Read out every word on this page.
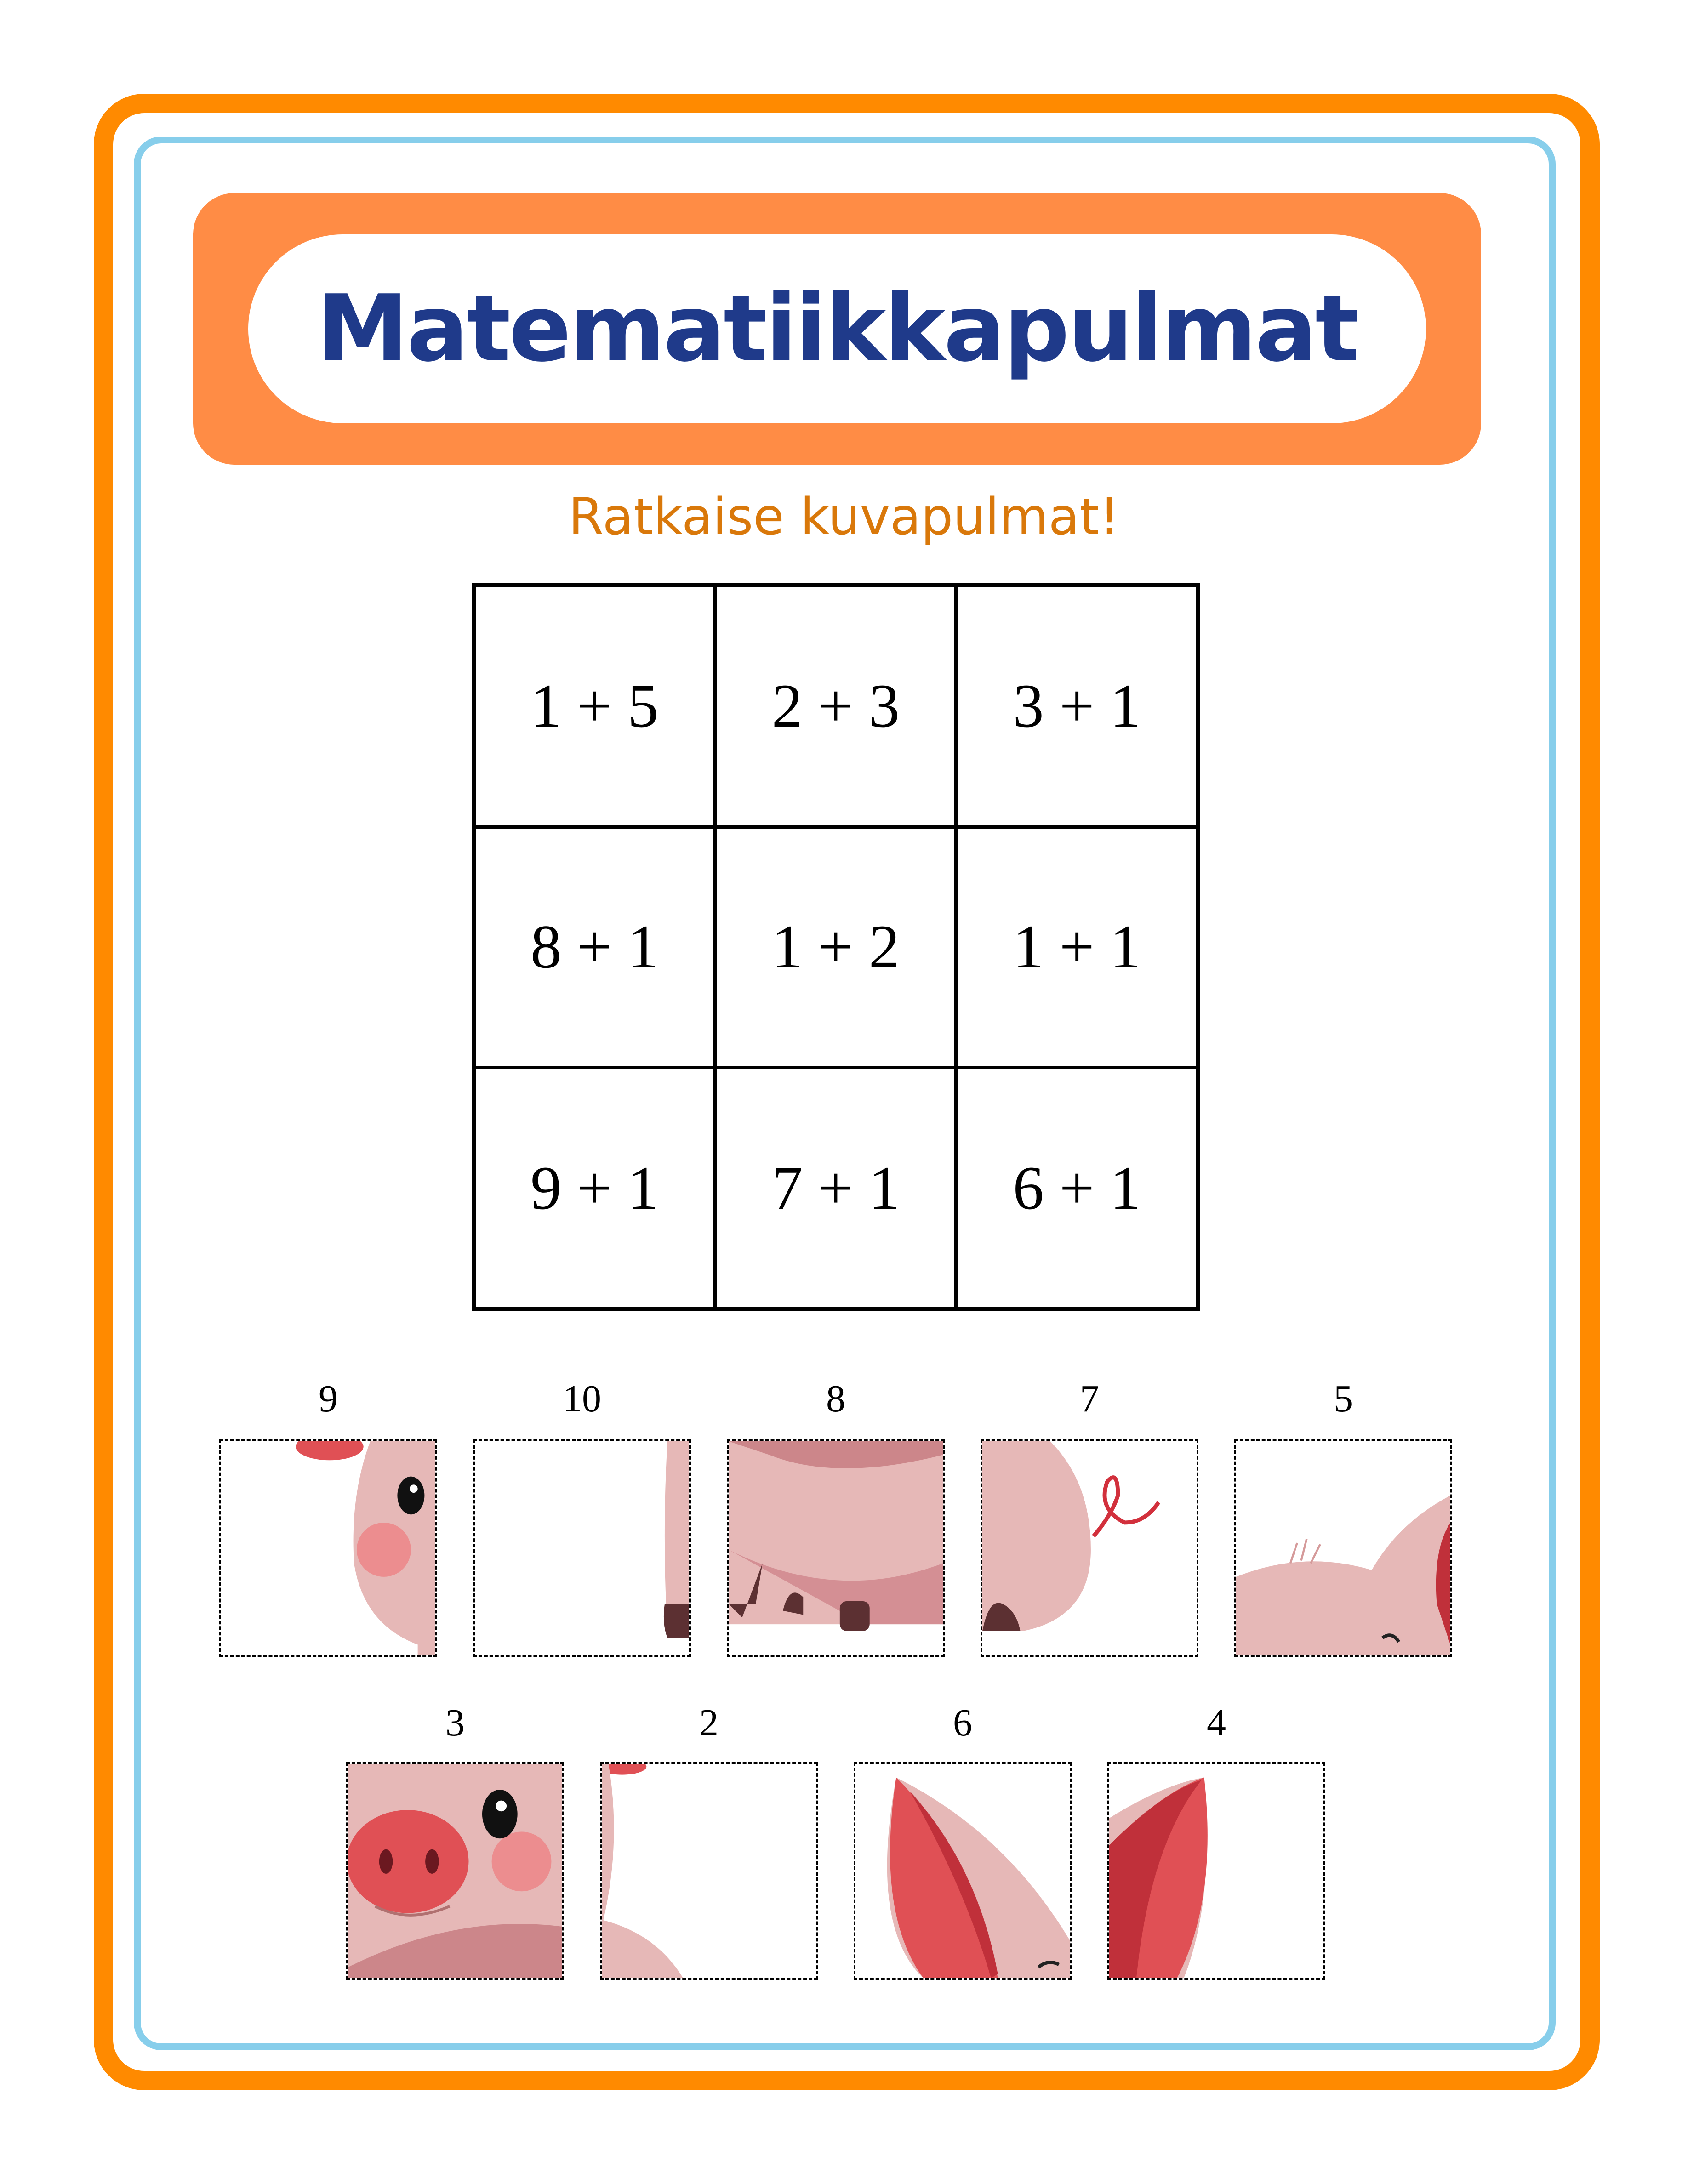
Matematiikkapulmat
Ratkaise kuvapulmat!
1 + 5	2 + 3	3 + 1
8 + 1	1 + 2	1 + 1
9 + 1	7 + 1	6 + 1
9	10	8	7	5
3	2	6	4
